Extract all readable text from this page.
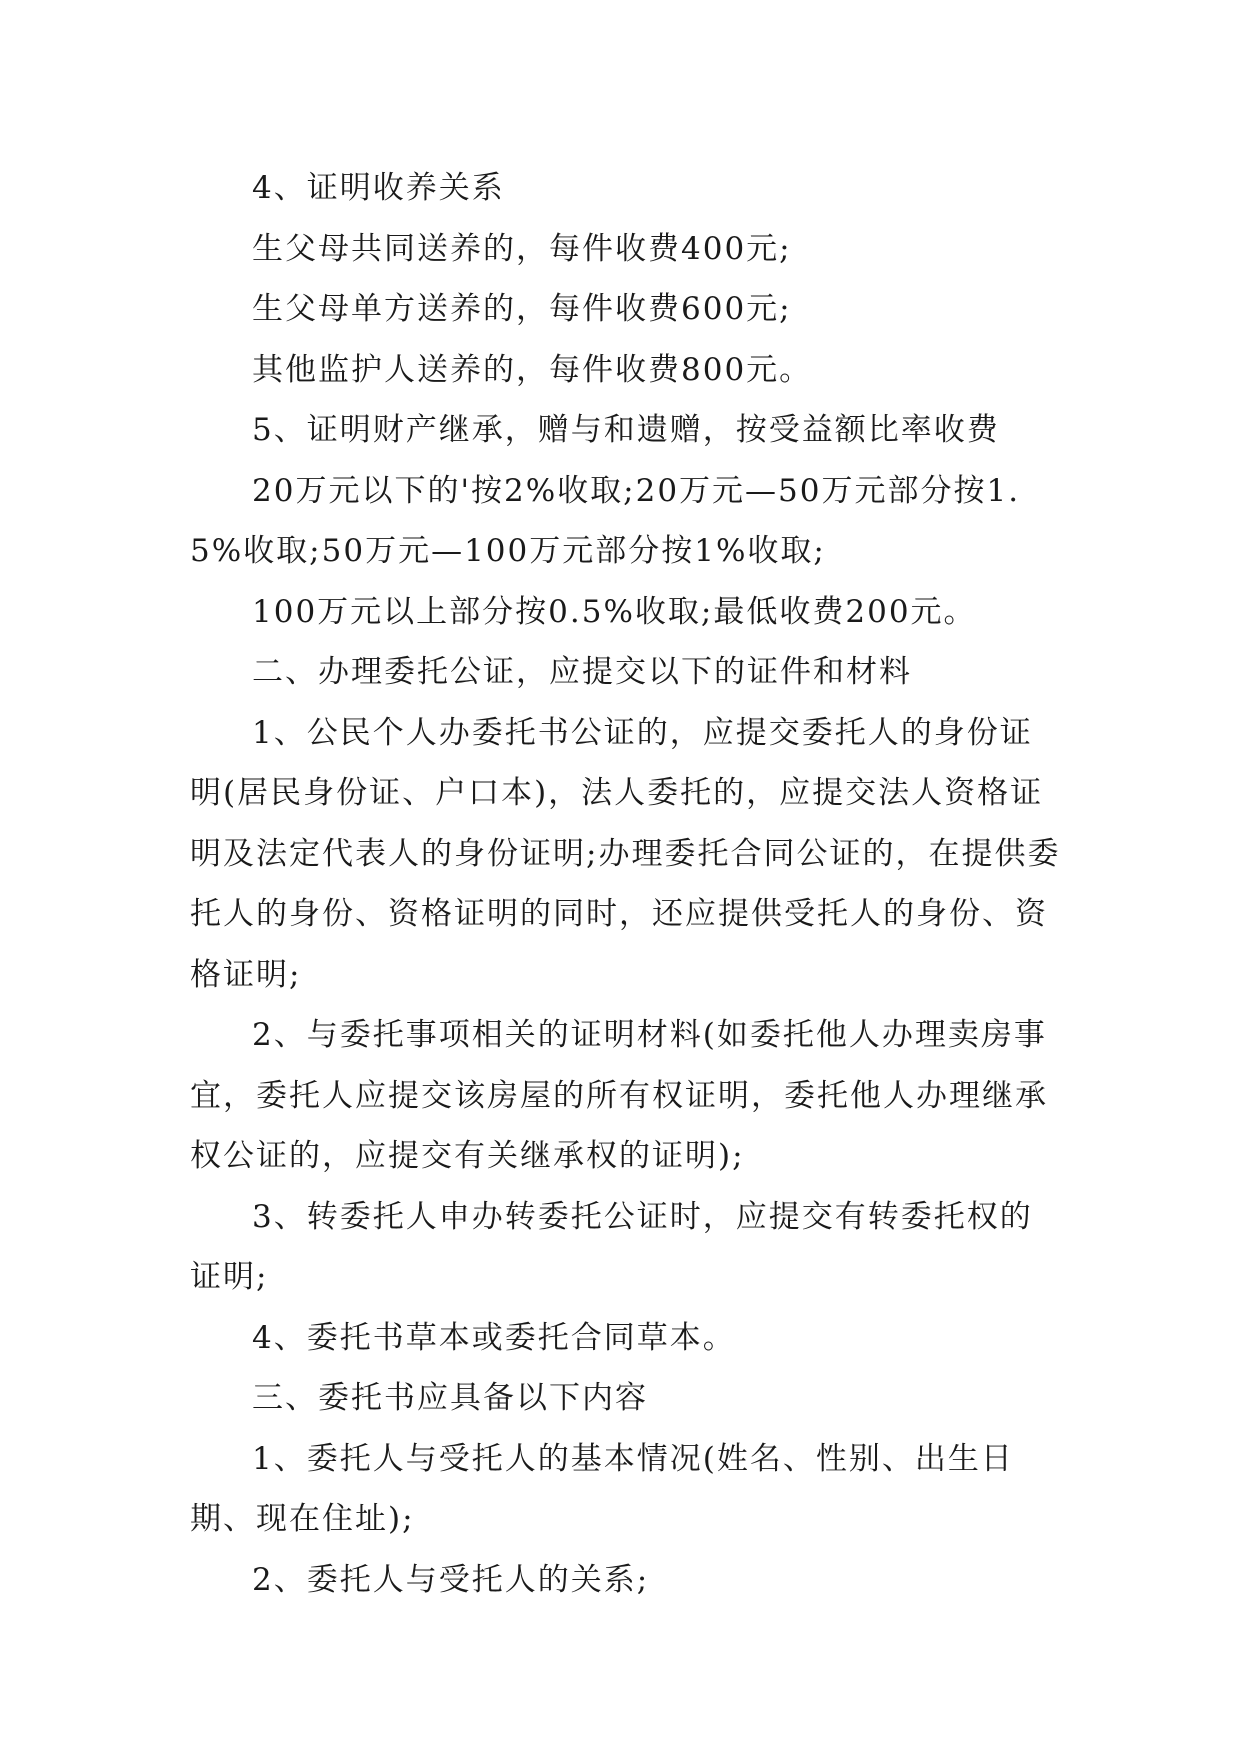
4、证明收养关系

生父母共同送养的，每件收费400元;

生父母单方送养的，每件收费600元;

其他监护人送养的，每件收费800元。

5、证明财产继承，赠与和遗赠，按受益额比率收费

20万元以下的'按2%收取;20万元—50万元部分按1.5%收取;50万元—100万元部分按1%收取;

100万元以上部分按0.5%收取;最低收费200元。

二、办理委托公证，应提交以下的证件和材料

1、公民个人办委托书公证的，应提交委托人的身份证明(居民身份证、户口本)，法人委托的，应提交法人资格证明及法定代表人的身份证明;办理委托合同公证的，在提供委托人的身份、资格证明的同时，还应提供受托人的身份、资格证明;

2、与委托事项相关的证明材料(如委托他人办理卖房事宜，委托人应提交该房屋的所有权证明，委托他人办理继承权公证的，应提交有关继承权的证明);

3、转委托人申办转委托公证时，应提交有转委托权的证明;

4、委托书草本或委托合同草本。

三、委托书应具备以下内容

1、委托人与受托人的基本情况(姓名、性别、出生日期、现在住址);

2、委托人与受托人的关系;
